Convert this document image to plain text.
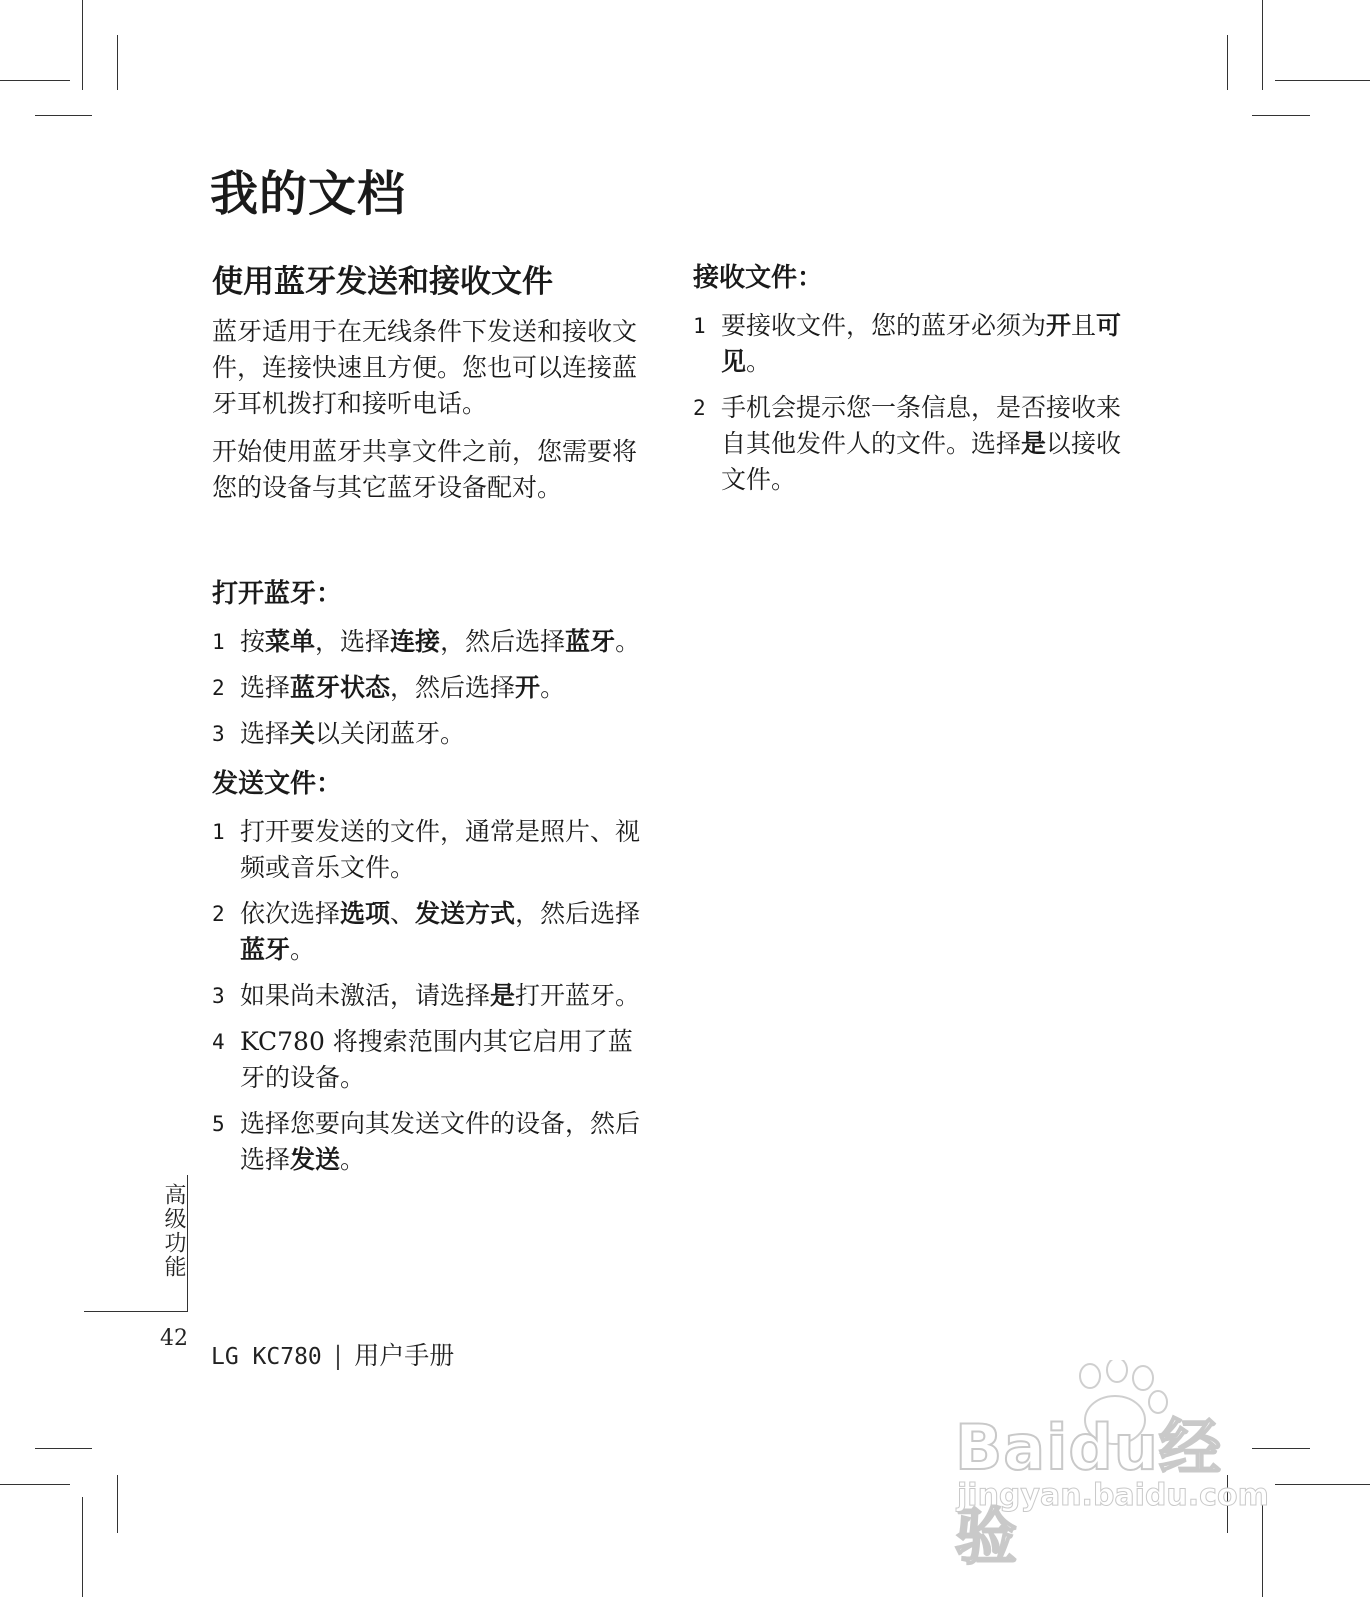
我的文档
使用蓝牙发送和接收文件

蓝牙适用于在无线条件下发送和接收文件，连接快速且方便。您也可以连接蓝牙耳机拨打和接听电话。

开始使用蓝牙共享文件之前，您需要将您的设备与其它蓝牙设备配对。

打开蓝牙：
1 按菜单，选择连接，然后选择蓝牙。
2 选择蓝牙状态，然后选择开。
3 选择关以关闭蓝牙。
发送文件：
1 打开要发送的文件，通常是照片、视频或音乐文件。
2 依次选择选项、发送方式，然后选择蓝牙。
3 如果尚未激活，请选择是打开蓝牙。
4 KC780 将搜索范围内其它启用了蓝牙的设备。
5 选择您要向其发送文件的设备，然后选择发送。
接收文件：
1 要接收文件，您的蓝牙必须为开且可见。
2 手机会提示您一条信息，是否接收来自其他发件人的文件。选择是以接收文件。
高级功能
42
LG KC780 | 用户手册
Baidu经验
jingyan.baidu.com
